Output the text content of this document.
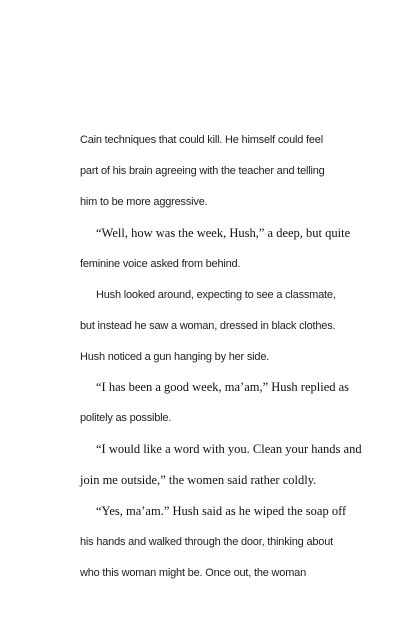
Cain techniques that could kill. He himself could feel
part of his brain agreeing with the teacher and telling
him to be more aggressive.
“Well, how was the week, Hush,” a deep, but quite
feminine voice asked from behind.
Hush looked around, expecting to see a classmate,
but instead he saw a woman, dressed in black clothes.
Hush noticed a gun hanging by her side.
“I has been a good week, ma’am,” Hush replied as
politely as possible.
“I would like a word with you. Clean your hands and
join me outside,” the women said rather coldly.
“Yes, ma’am.” Hush said as he wiped the soap off
his hands and walked through the door, thinking about
who this woman might be. Once out, the woman
